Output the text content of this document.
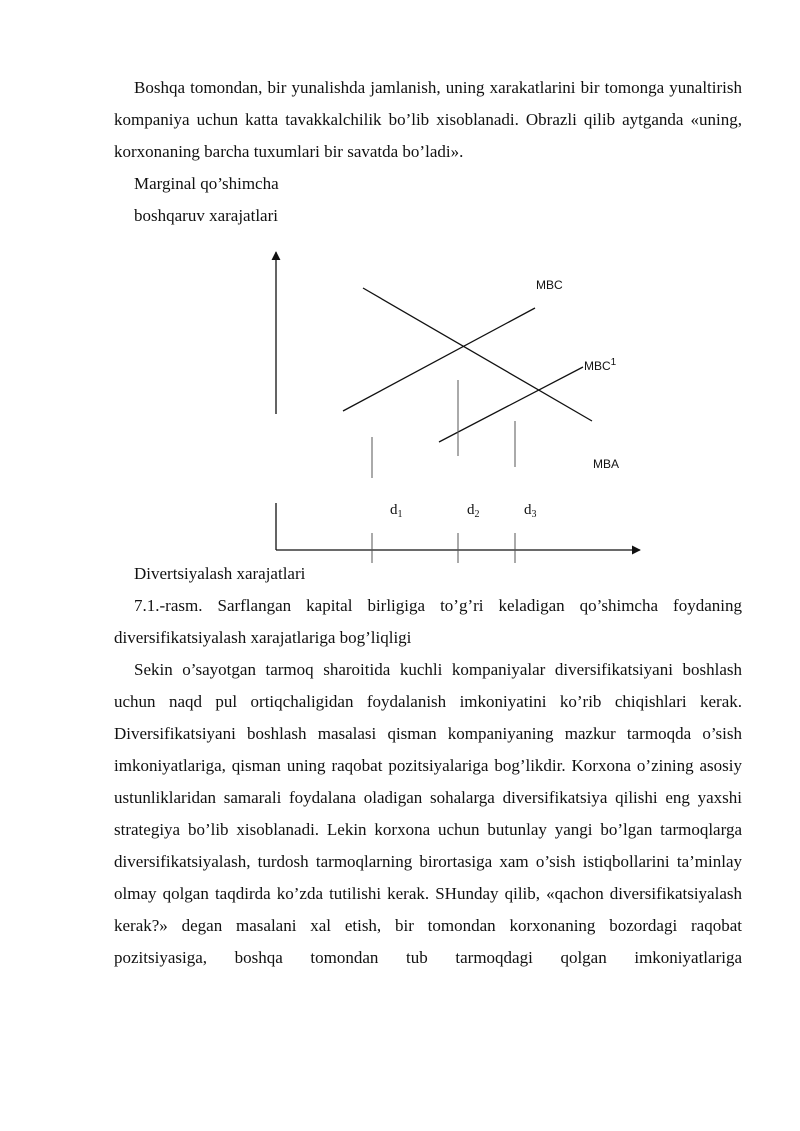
Boshqa tomondan, bir yunalishda jamlanish, uning xarakatlarini bir tomonga yunaltirish kompaniya uchun katta tavakkalchilik bo’lib xisoblanadi. Obrazli qilib aytganda «uning, korxonaning barcha tuxumlari bir savatda bo’ladi».

Marginal qo’shimcha

boshqaruv xarajatlari

MBC
MBC$^1$
MBA
$d_1$	$d_2$	$d_3$

Divertsiyalash xarajatlari

7.1.-rasm. Sarflangan kapital birligiga to’g’ri keladigan qo’shimcha foydaning diversifikatsiyalash xarajatlariga bog’liqligi

Sekin o’sayotgan tarmoq sharoitida kuchli kompaniyalar diversifikatsiyani boshlash uchun naqd pul ortiqchaligidan foydalanish imkoniyatini ko’rib chiqishlari kerak. Diversifikatsiyani boshlash masalasi qisman kompaniyaning mazkur tarmoqda o’sish imkoniyatlariga, qisman uning raqobat pozitsiyalariga bog’likdir. Korxona o’zining asosiy ustunliklaridan samarali foydalana oladigan sohalarga diversifikatsiya qilishi eng yaxshi strategiya bo’lib xisoblanadi. Lekin korxona uchun butunlay yangi bo’lgan tarmoqlarga diversifikatsiyalash, turdosh tarmoqlarning birortasiga xam o’sish istiqbollarini ta’minlay olmay qolgan taqdirda ko’zda tutilishi kerak. SHunday qilib, «qachon diversifikatsiyalash kerak?» degan masalani xal etish, bir tomondan korxonaning bozordagi raqobat pozitsiyasiga, boshqa tomondan tub tarmoqdagi qolgan imkoniyatlariga
